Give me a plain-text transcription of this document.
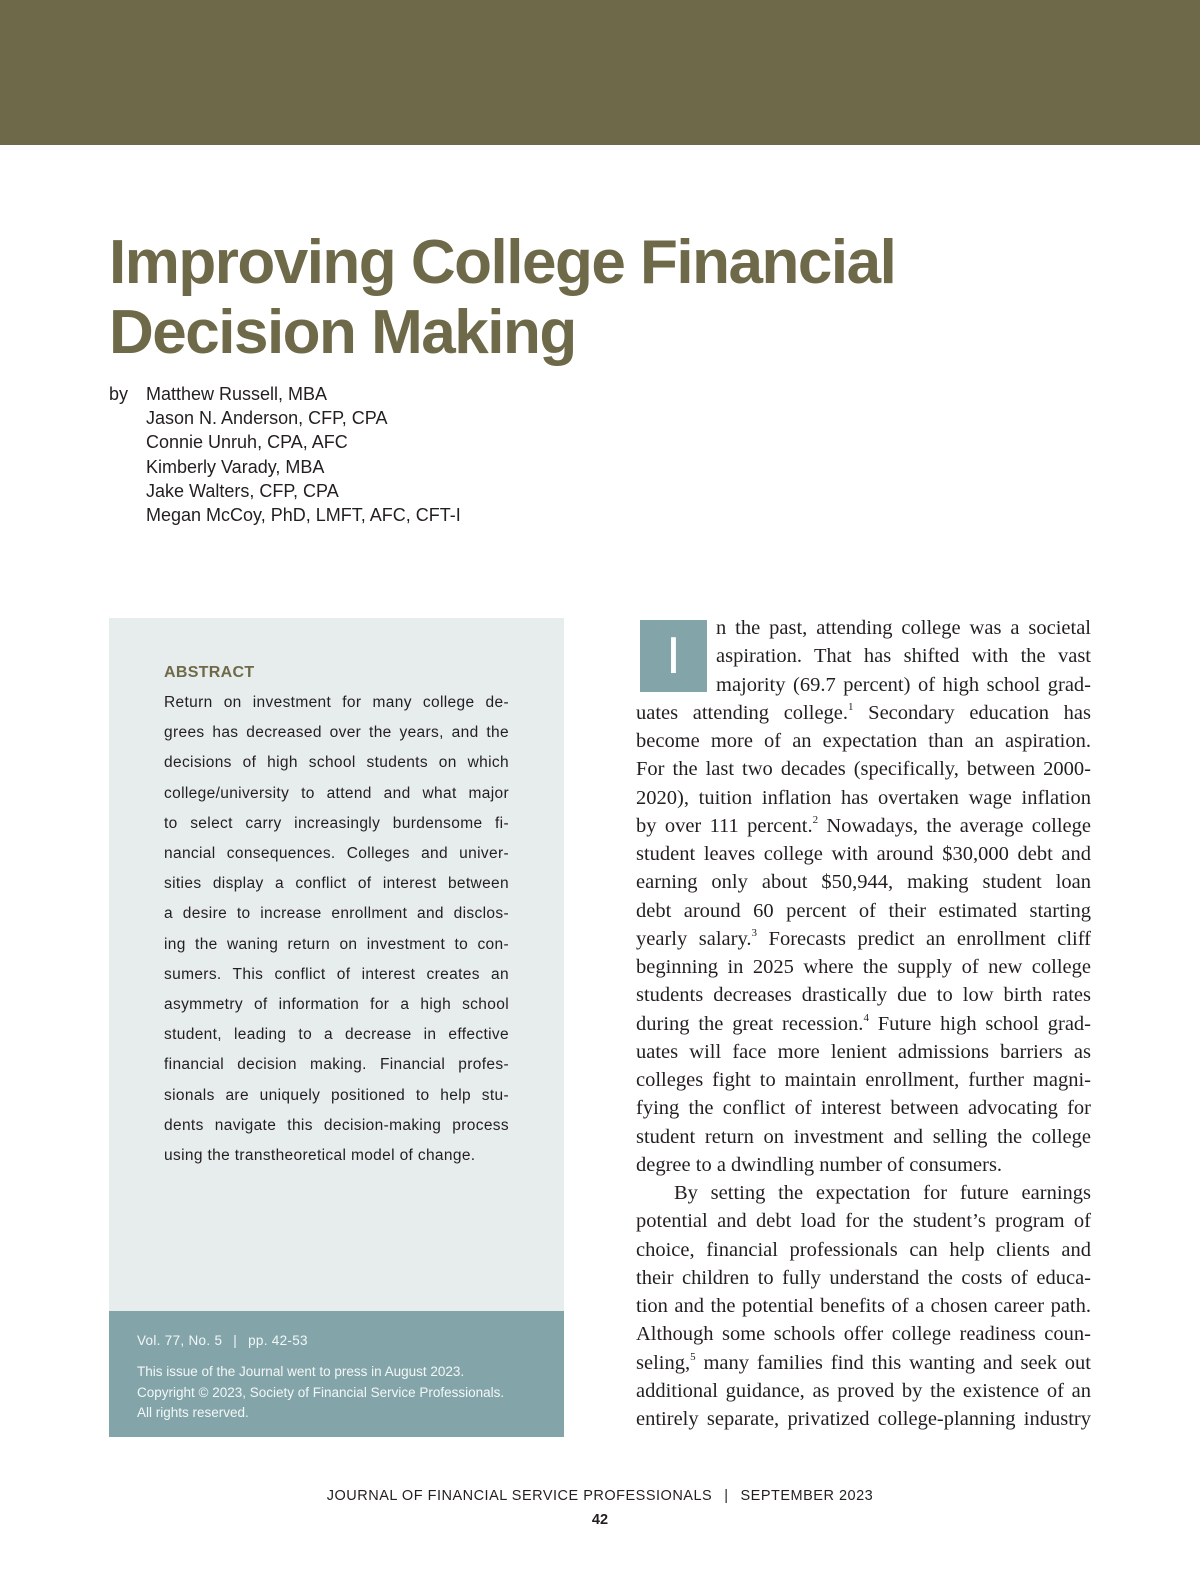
Improving College Financial
Decision Making
by Matthew Russell, MBA
Jason N. Anderson, CFP, CPA
Connie Unruh, CPA, AFC
Kimberly Varady, MBA
Jake Walters, CFP, CPA
Megan McCoy, PhD, LMFT, AFC, CFT-I
ABSTRACT

Return on investment for many college de-
grees has decreased over the years, and the
decisions of high school students on which
college/university to attend and what major
to select carry increasingly burdensome fi-
nancial consequences. Colleges and univer-
sities display a conflict of interest between
a desire to increase enrollment and disclos-
ing the waning return on investment to con-
sumers. This conflict of interest creates an
asymmetry of information for a high school
student, leading to a decrease in effective
financial decision making. Financial profes-
sionals are uniquely positioned to help stu-
dents navigate this decision-making process
using the transtheoretical model of change.

Vol. 77, No. 5 | pp. 42-53
This issue of the Journal went to press in August 2023.
Copyright © 2023, Society of Financial Service Professionals.
All rights reserved.
I	n the past, attending college was a societal
aspiration. That has shifted with the vast
majority (69.7 percent) of high school grad-
uates attending college.$^1$ Secondary education has
become more of an expectation than an aspiration.
For the last two decades (specifically, between 2000-
2020), tuition inflation has overtaken wage inflation
by over 111 percent.$^2$ Nowadays, the average college
student leaves college with around $30,000 debt and
earning only about $50,944, making student loan
debt around 60 percent of their estimated starting
yearly salary.$^3$ Forecasts predict an enrollment cliff
beginning in 2025 where the supply of new college
students decreases drastically due to low birth rates
during the great recession.$^4$ Future high school grad-
uates will face more lenient admissions barriers as
colleges fight to maintain enrollment, further magni-
fying the conflict of interest between advocating for
student return on investment and selling the college
degree to a dwindling number of consumers.
By setting the expectation for future earnings
potential and debt load for the student’s program of
choice, financial professionals can help clients and
their children to fully understand the costs of educa-
tion and the potential benefits of a chosen career path.
Although some schools offer college readiness coun-
seling,$^5$ many families find this wanting and seek out
additional guidance, as proved by the existence of an
entirely separate, privatized college-planning industry
JOURNAL OF FINANCIAL SERVICE PROFESSIONALS | SEPTEMBER 2023
42
